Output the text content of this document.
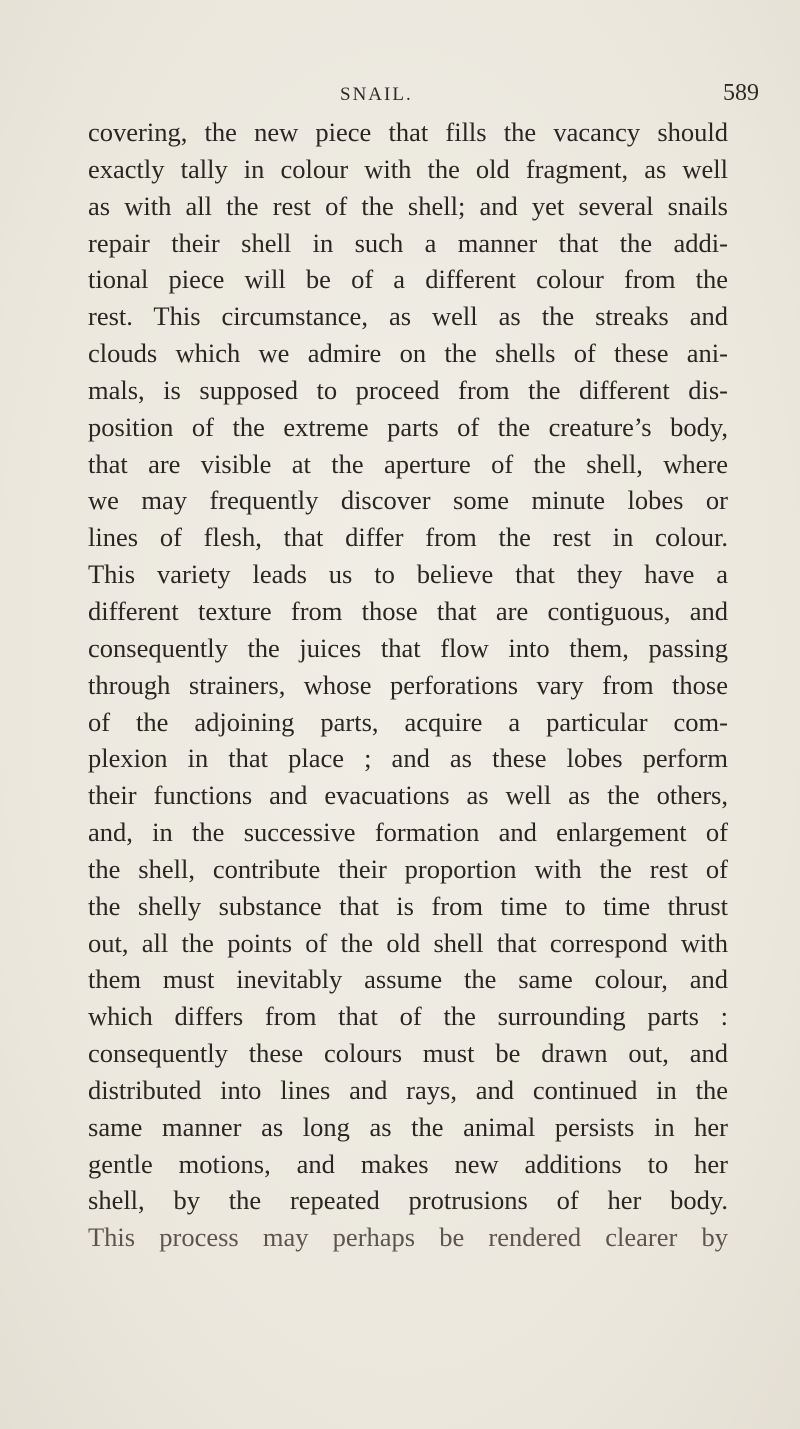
SNAIL.	589
covering, the new piece that fills the vacancy should
exactly tally in colour with the old fragment, as well
as with all the rest of the shell; and yet several snails
repair their shell in such a manner that the addi-
tional piece will be of a different colour from the
rest. This circumstance, as well as the streaks and
clouds which we admire on the shells of these ani-
mals, is supposed to proceed from the different dis-
position of the extreme parts of the creature’s body,
that are visible at the aperture of the shell, where
we may frequently discover some minute lobes or
lines of flesh, that differ from the rest in colour.
This variety leads us to believe that they have a
different texture from those that are contiguous, and
consequently the juices that flow into them, passing
through strainers, whose perforations vary from those
of the adjoining parts, acquire a particular com-
plexion in that place ; and as these lobes perform
their functions and evacuations as well as the others,
and, in the successive formation and enlargement of
the shell, contribute their proportion with the rest of
the shelly substance that is from time to time thrust
out, all the points of the old shell that correspond with
them must inevitably assume the same colour, and
which differs from that of the surrounding parts :
consequently these colours must be drawn out, and
distributed into lines and rays, and continued in the
same manner as long as the animal persists in her
gentle motions, and makes new additions to her
shell, by the repeated protrusions of her body.
This process may perhaps be rendered clearer by
